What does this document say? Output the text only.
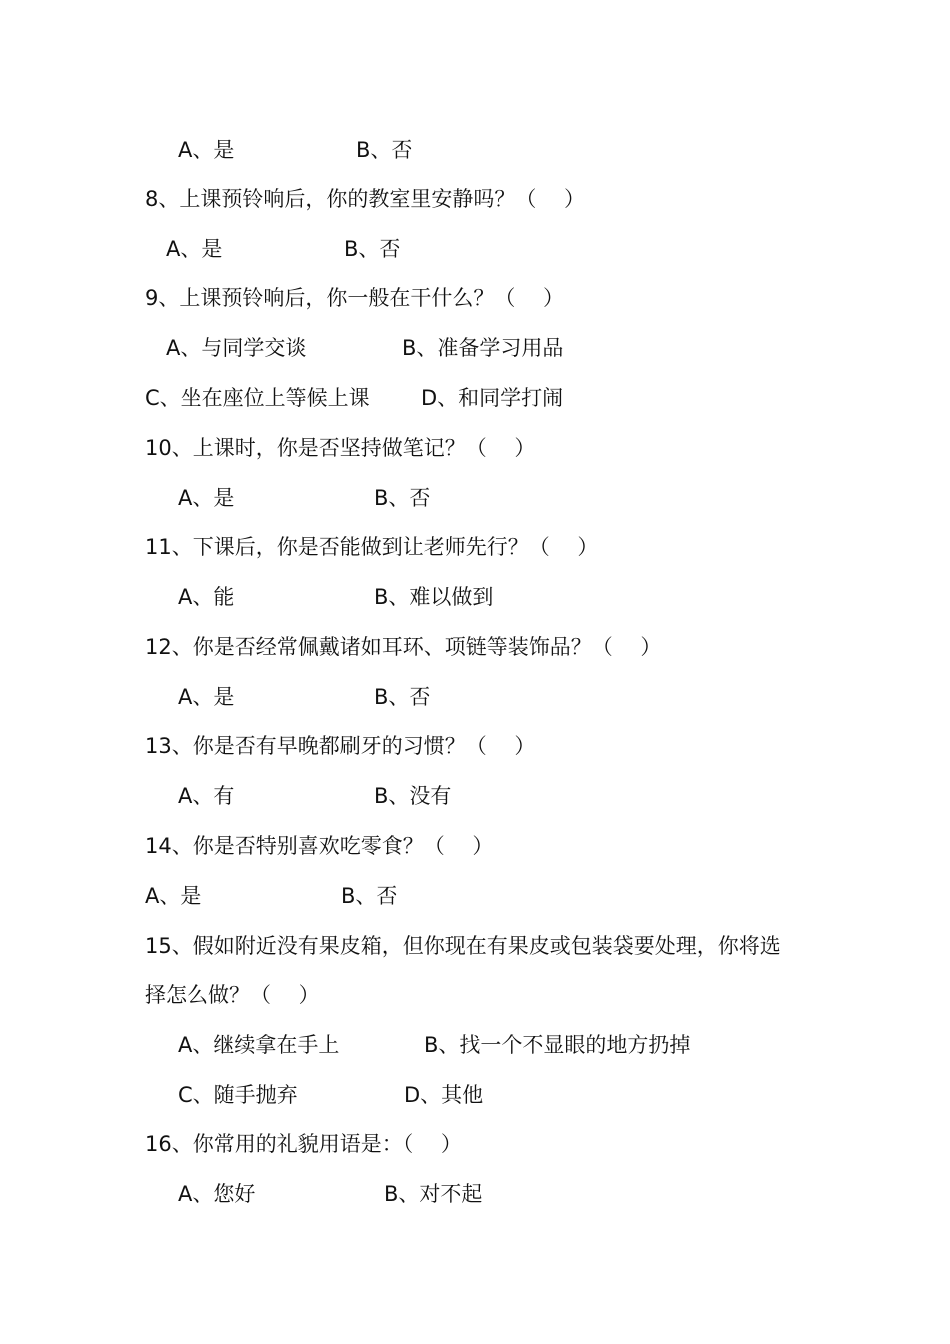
A、是	B、否
8、上课预铃响后，你的教室里安静吗？（　 ）
A、是	B、否
9、上课预铃响后，你一般在干什么？（　 ）
A、与同学交谈	B、准备学习用品
C、坐在座位上等候上课 D、和同学打闹
10、上课时，你是否坚持做笔记？（　 ）
A、是	B、否
11、下课后，你是否能做到让老师先行？（　 ）
A、能	B、难以做到
12、你是否经常佩戴诸如耳环、项链等装饰品？（　 ）
A、是	B、否
13、你是否有早晚都刷牙的习惯？（　 ）
A、有	B、没有
14、你是否特别喜欢吃零食？（　 ）
A、是	B、否
15、假如附近没有果皮箱，但你现在有果皮或包装袋要处理，你将选
择怎么做？（　 ）
A、继续拿在手上	B、找一个不显眼的地方扔掉
C、随手抛弃	D、其他
16、你常用的礼貌用语是：（　 ）
A、您好	B、对不起
